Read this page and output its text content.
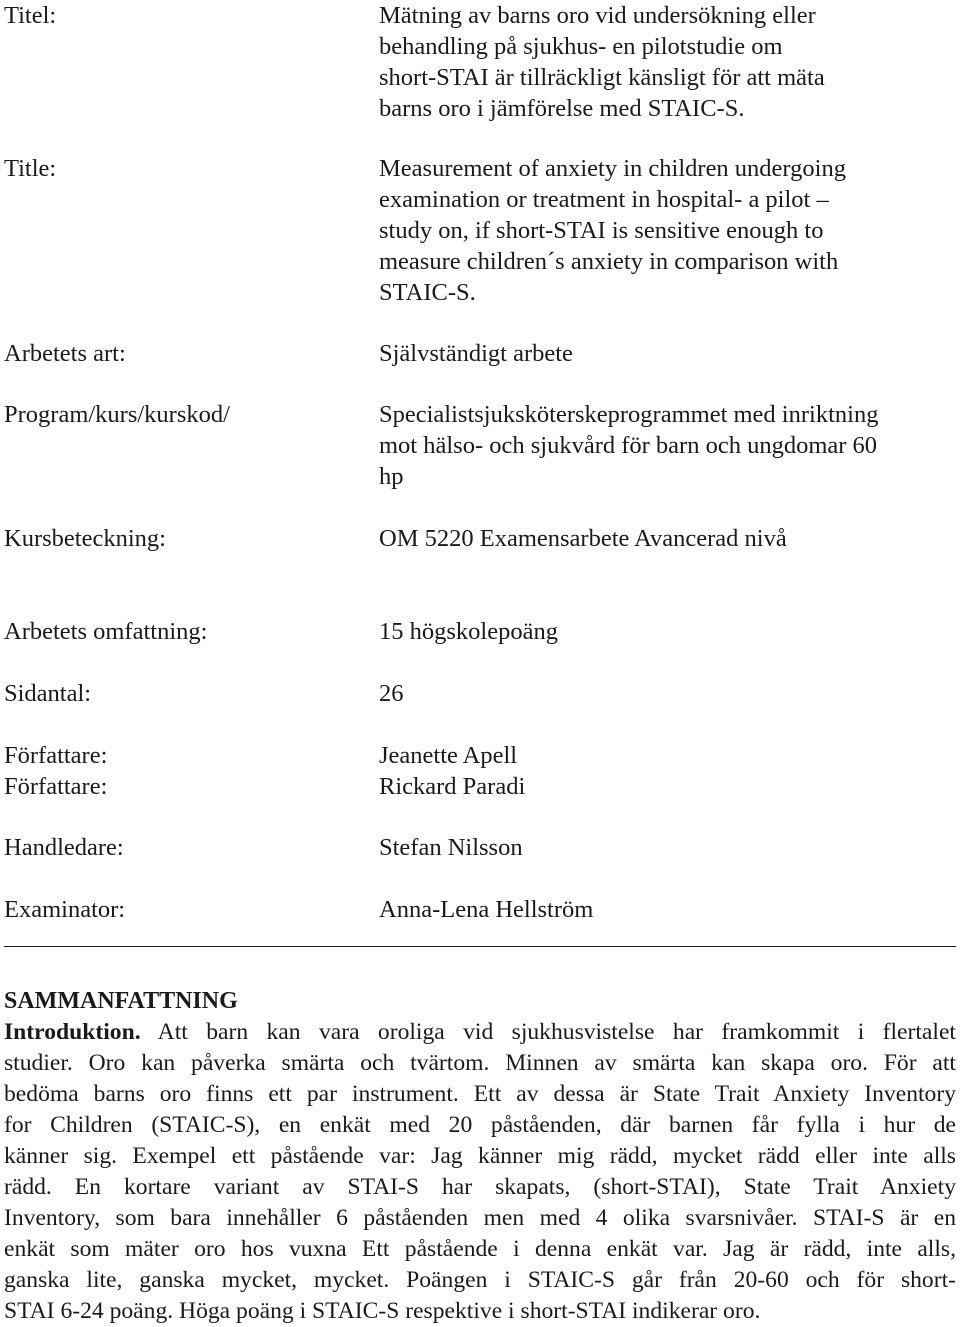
Titel:	Mätning av barns oro vid undersökning eller
behandling på sjukhus- en pilotstudie om
short-STAI är tillräckligt känsligt för att mäta
barns oro i jämförelse med STAIC-S.
Title:	Measurement of anxiety in children undergoing
examination or treatment in hospital- a pilot –
study on, if short-STAI is sensitive enough to
measure children´s anxiety in comparison with
STAIC-S.
Arbetets art:	Självständigt arbete
Program/kurs/kurskod/	Specialistsjuksköterskeprogrammet med inriktning
mot hälso- och sjukvård för barn och ungdomar 60
hp
Kursbeteckning:	OM 5220 Examensarbete Avancerad nivå
Arbetets omfattning:	15 högskolepoäng
Sidantal:	26
Författare:	Jeanette Apell
Författare:	Rickard Paradi
Handledare:	Stefan Nilsson
Examinator:	Anna-Lena Hellström
SAMMANFATTNING
Introduktion. Att barn kan vara oroliga vid sjukhusvistelse har framkommit i flertalet
studier. Oro kan påverka smärta och tvärtom. Minnen av smärta kan skapa oro. För att
bedöma barns oro finns ett par instrument. Ett av dessa är State Trait Anxiety Inventory
for Children (STAIC-S), en enkät med 20 påståenden, där barnen får fylla i hur de
känner sig. Exempel ett påstående var: Jag känner mig rädd, mycket rädd eller inte alls
rädd. En kortare variant av STAI-S har skapats, (short-STAI), State Trait Anxiety
Inventory, som bara innehåller 6 påståenden men med 4 olika svarsnivåer. STAI-S är en
enkät som mäter oro hos vuxna Ett påstående i denna enkät var. Jag är rädd, inte alls,
ganska lite, ganska mycket, mycket. Poängen i STAIC-S går från 20-60 och för short-
STAI 6-24 poäng. Höga poäng i STAIC-S respektive i short-STAI indikerar oro.
